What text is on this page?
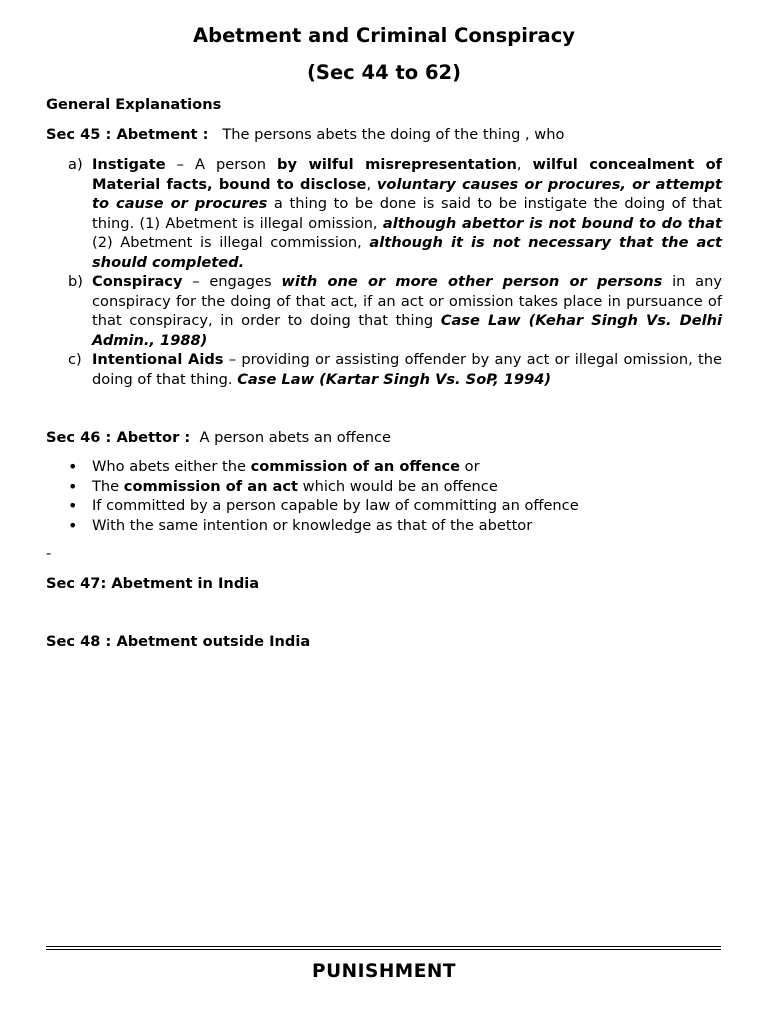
Abetment and Criminal Conspiracy
(Sec 44 to 62)
General Explanations
Sec 45 : Abetment : The persons abets the doing of the thing , who
a) Instigate – A person by wilful misrepresentation, wilful concealment of Material facts, bound to disclose, voluntary causes or procures, or attempt to cause or procures a thing to be done is said to be instigate the doing of that thing. (1) Abetment is illegal omission, although abettor is not bound to do that (2) Abetment is illegal commission, although it is not necessary that the act should completed.
b) Conspiracy – engages with one or more other person or persons in any conspiracy for the doing of that act, if an act or omission takes place in pursuance of that conspiracy, in order to doing that thing Case Law (Kehar Singh Vs. Delhi Admin., 1988)
c) Intentional Aids – providing or assisting offender by any act or illegal omission, the doing of that thing. Case Law (Kartar Singh Vs. SoP, 1994)
Sec 46 : Abettor : A person abets an offence
• Who abets either the commission of an offence or
• The commission of an act which would be an offence
• If committed by a person capable by law of committing an offence
• With the same intention or knowledge as that of the abettor
-
Sec 47: Abetment in India
Sec 48 : Abetment outside India
PUNISHMENT
